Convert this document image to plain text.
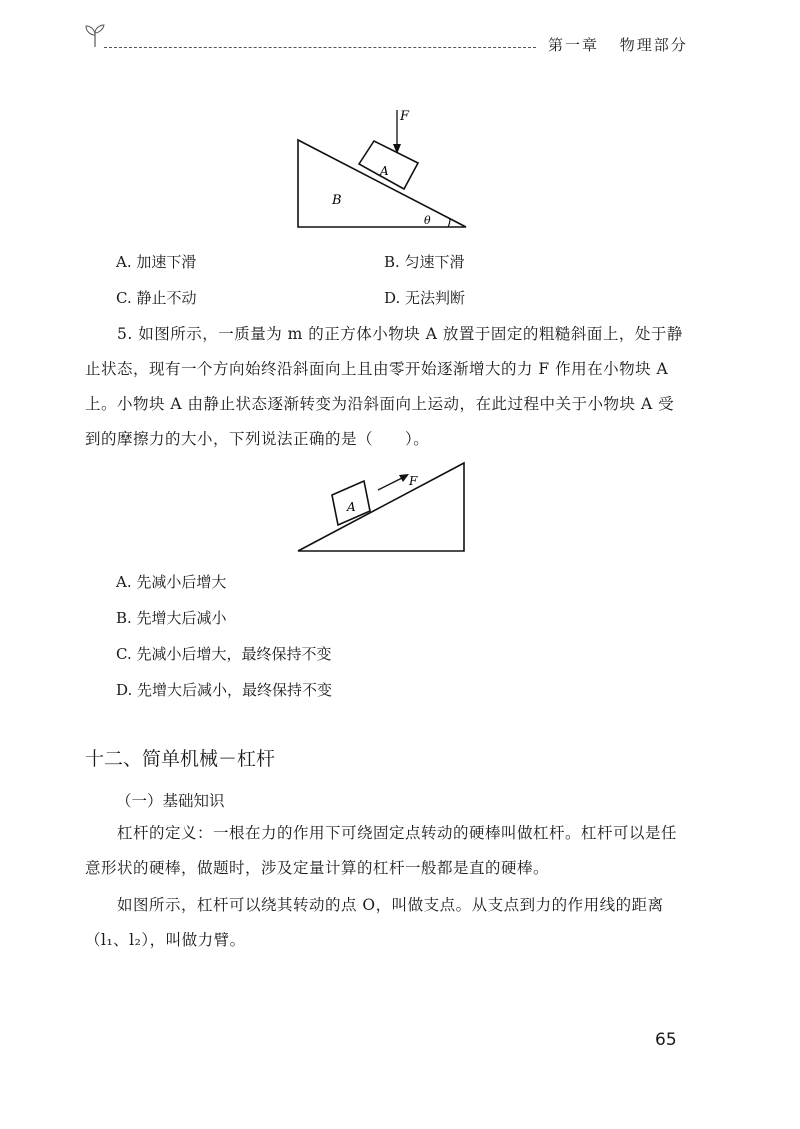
第一章 物理部分
F
A
B
θ
A. 加速下滑	B. 匀速下滑
C. 静止不动	D. 无法判断
5. 如图所示，一质量为 m 的正方体小物块 A 放置于固定的粗糙斜面上，处于静止状态，现有一个方向始终沿斜面向上且由零开始逐渐增大的力 F 作用在小物块 A 上。小物块 A 由静止状态逐渐转变为沿斜面向上运动，在此过程中关于小物块 A 受到的摩擦力的大小，下列说法正确的是（　　）。
F
A
A. 先减小后增大
B. 先增大后减小
C. 先减小后增大，最终保持不变
D. 先增大后减小，最终保持不变
十二、简单机械－杠杆
（一）基础知识
杠杆的定义：一根在力的作用下可绕固定点转动的硬棒叫做杠杆。杠杆可以是任意形状的硬棒，做题时，涉及定量计算的杠杆一般都是直的硬棒。
如图所示，杠杆可以绕其转动的点 O，叫做支点。从支点到力的作用线的距离（l₁、l₂），叫做力臂。
65
